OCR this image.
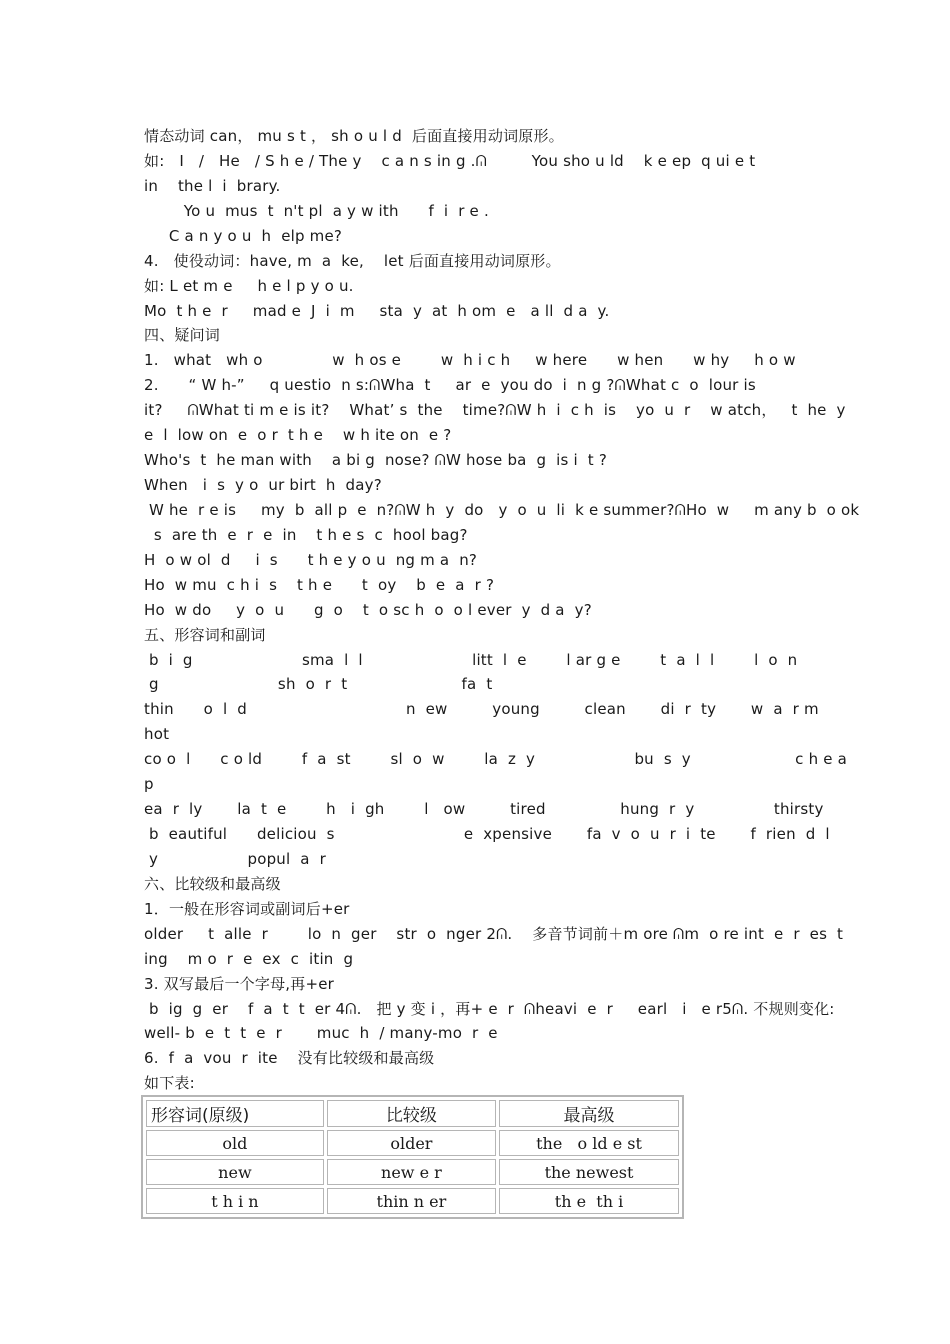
情态动词 can， mu s t ， sh o u l d  后面直接用动词原形。
如:   I   /   He   / S h e / The y    c a n s in g .ᕬ         You sho u ld    k e ep  q ui e t
in    the l  i  brary.
Yo u  mus  t  n't pl  a y w ith      f  i  r e .
C a n y o u  h  elp me?
4.   使役动词：have, m  a  ke,    let 后面直接用动词原形。
如: L et m e     h e l p y o u.
Mo  t h e  r     mad e  J  i  m     sta  y  at  h om  e   a ll  d a  y.
四、疑问词
1.   what   wh o              w  h os e        w  h i c h     w here      w hen      w hy     h o w
2.      “ W h-”     q uestio  n s:ᕬWha  t     ar  e  you do  i  n g ?ᕬWhat c  o  lour is
it?     ᕬWhat ti m e is it?    What’ s  the    time?ᕬW h  i  c h  is    yo  u  r    w atch，   t  he  y
e  l  low on  e  o r  t h e    w h ite on  e ?
Who's  t  he man with    a bi g  nose? ᕬW hose ba  g  is i  t ?
When   i  s  y o  ur birt  h  day?
W he  r e is     my  b  all p  e  n?ᕬW h  y  do   y  o  u  li  k e summer?ᕬHo  w     m any b  o ok
s  are th  e  r  e  in    t h e s  c  hool bag?
H  o w ol  d     i  s      t h e y o u  ng m a  n?
Ho  w mu  c h i  s    t h e      t  oy    b  e  a  r ?
Ho  w do     y  o  u      g  o    t  o sc h  o  o l ever  y  d a  y?
五、形容词和副词
b  i  g                      sma  l  l                      litt  l  e        l ar g e        t  a  l  l        l  o  n
g                        sh  o  r  t                       fa  t
thin      o  l  d                                n  ew         young         clean       di  r  ty       w  a  r m
hot
co o  l      c o ld        f  a  st        sl  o  w        la  z  y                    bu  s  y                     c h e a
p
ea  r  ly       la  t  e        h   i  gh        l   ow         tired               hung  r  y                thirsty
b  eautiful      deliciou  s                          e  xpensive       fa  v  o  u  r  i  te       f  rien  d  l
y                  popul  a  r
六、比较级和最高级
1．一般在形容词或副词后+er
older     t  alle  r        lo  n  ger    str  o  nger 2ᕬ.    多音节词前＋m ore ᕬm  o re int  e  r  es  t
ing    m o  r  e  ex  c  itin  g
3. 双写最后一个字母,再+er
b  ig  g  er    f  a  t  t  er 4ᕬ.   把 y 变 i ，再+ e  r  ᕬheavi  e  r     earl   i   e r5ᕬ. 不规则变化:
well- b  e  t  t  e  r       muc  h  / many-mo  r  e
6.  f  a  vou  r  ite    没有比较级和最高级
如下表:
形容词(原级)	比较级	最高级
old	older	the   o ld e st
new	new e r	the newest
t h i n	thin n er	th e  th i
